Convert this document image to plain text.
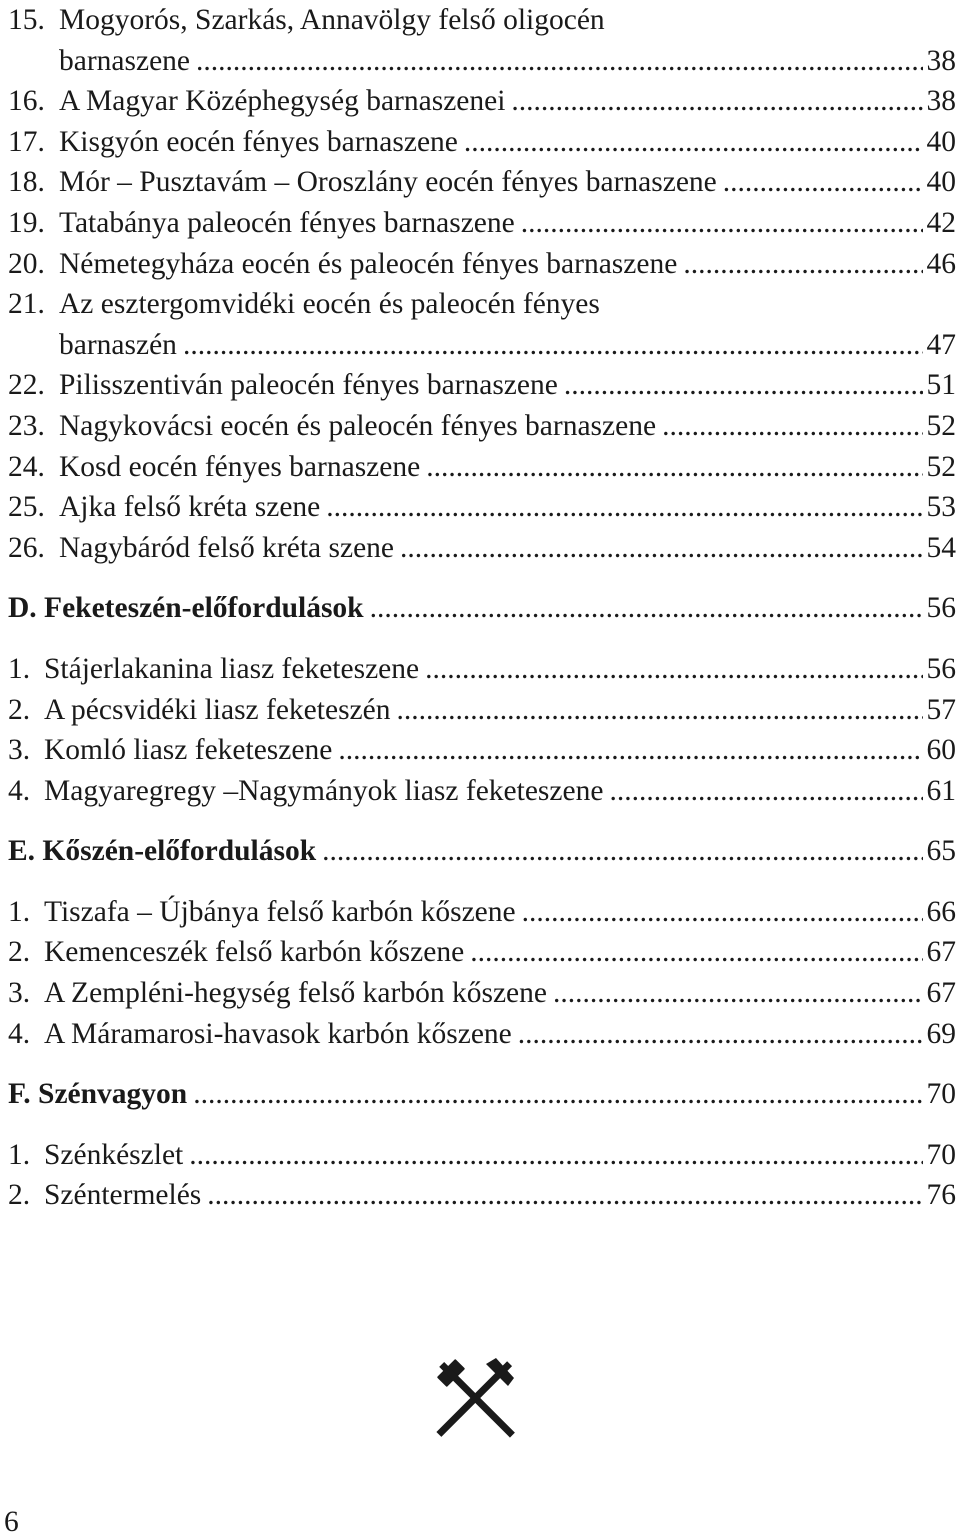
15. Mogyorós, Szarkás, Annavölgy felső oligocén
barnaszene .....	38
16. A Magyar Középhegység barnaszenei .....	38
17. Kisgyón eocén fényes barnaszene .....	40
18. Mór – Pusztavám – Oroszlány eocén fényes barnaszene .....	40
19. Tatabánya paleocén fényes barnaszene .....	42
20. Németegyháza eocén és paleocén fényes barnaszene .....	46
21. Az esztergomvidéki eocén és paleocén fényes
barnaszén .....	47
22. Pilisszentiván paleocén fényes barnaszene .....	51
23. Nagykovácsi eocén és paleocén fényes barnaszene .....	52
24. Kosd eocén fényes barnaszene .....	52
25. Ajka felső kréta szene .....	53
26. Nagybáród felső kréta szene .....	54
D. Feketeszén-előfordulások .....	56
1. Stájerlakanina liasz feketeszene .....	56
2. A pécsvidéki liasz feketeszén .....	57
3. Komló liasz feketeszene .....	60
4. Magyaregregy –Nagymányok liasz feketeszene .....	61
E. Kőszén-előfordulások .....	65
1. Tiszafa – Újbánya felső karbón kőszene .....	66
2. Kemenceszék felső karbón kőszene .....	67
3. A Zempléni-hegység felső karbón kőszene .....	67
4. A Máramarosi-havasok karbón kőszene .....	69
F. Szénvagyon .....	70
1. Szénkészlet .....	70
2. Széntermelés .....	76
6
